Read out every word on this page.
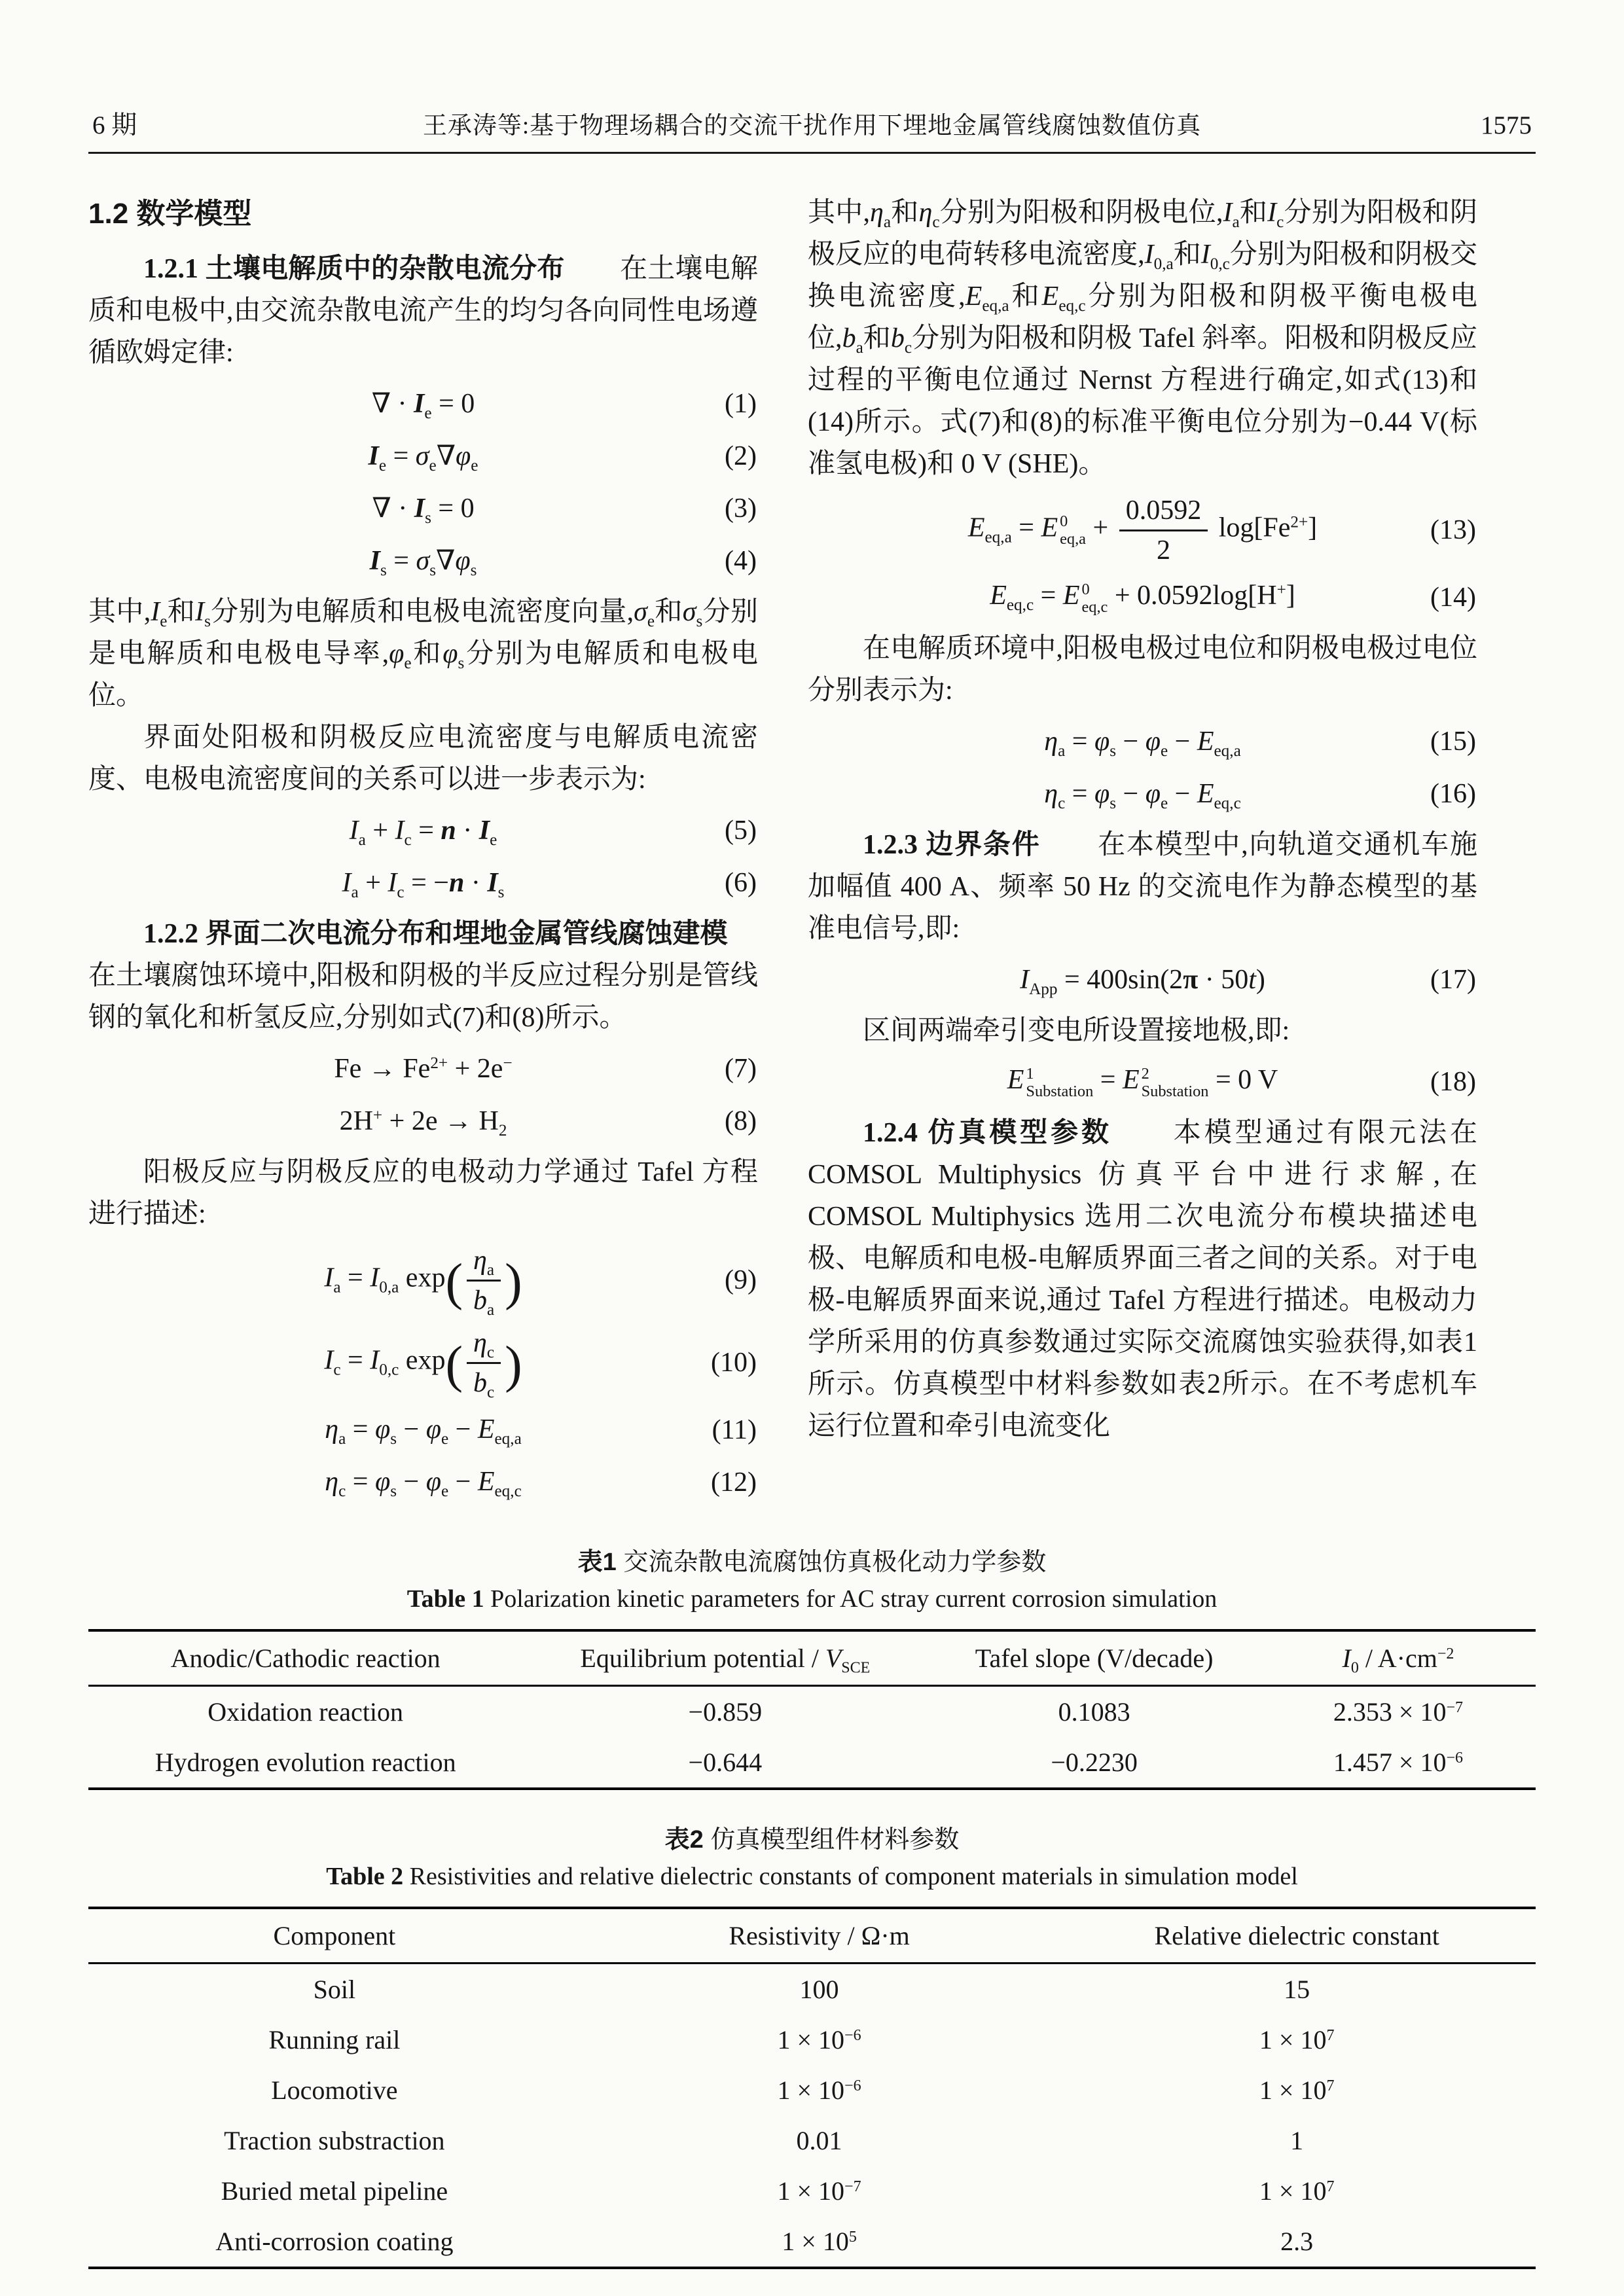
6 期	王承涛等:基于物理场耦合的交流干扰作用下埋地金属管线腐蚀数值仿真	1575
1.2 数学模型

1.2.1 土壤电解质中的杂散电流分布　　在土壤电解质和电极中,由交流杂散电流产生的均匀各向同性电场遵循欧姆定律:

∇ · $I_e = 0$	(1)
$I_e = \sigma_e\nabla\varphi_e$	(2)
∇ · $I_s = 0$	(3)
$I_s = \sigma_s\nabla\varphi_s$	(4)

其中$,I_e$和$I_s$分别为电解质和电极电流密度向量$,\sigma_e$和$\sigma_s$分别是电解质和电极电导率$,\varphi_e$和$\varphi_s$分别为电解质和电极电位。

界面处阳极和阴极反应电流密度与电解质电流密度、电极电流密度间的关系可以进一步表示为:

$I_a + I_c = n \cdot I_e$	(5)
$I_a + I_c = -n \cdot I_s$	(6)

1.2.2 界面二次电流分布和埋地金属管线腐蚀建模　　在土壤腐蚀环境中,阳极和阴极的半反应过程分别是管线钢的氧化和析氢反应,分别如式(7)和(8)所示。

$Fe \to Fe^{2+} + 2e^-$	(7)
$2H^+ + 2e \to H_2$	(8)

阳极反应与阴极反应的电极动力学通过 Tafel 方程进行描述:

$I_a = I_{0,a}$ $\exp( \frac{\eta_a}{b_a}$ )	(9)
$I_c = I_{0,c}$ $\exp( \frac{\eta_c}{b_c}$ )	(10)
$\eta_a = \varphi_s - \varphi_e - E_{eq,a}$	(11)
$\eta_c = \varphi_s - \varphi_e - E_{eq,c}$	(12)

其中$,\eta_a$和$\eta_c$分别为阳极和阴极电位$,I_a$和$I_c$分别为阳极和阴极反应的电荷转移电流密度$,I_{0,a}$和$I_{0,c}$分别为阳极和阴极交换电流密度$,E_{eq,a}$和$E_{eq,c}$分别为阳极和阴极平衡电极电位$,b_a$和$b_c$分别为阳极和阴极 Tafel 斜率。阳极和阴极反应过程的平衡电位通过 Nernst 方程进行确定,如式(13)和(14)所示。式(7)和(8)的标准平衡电位分别为−0.44 V(标准氢电极)和 0 V (SHE)。

$E_{eq,a} = E$ 0
$eq,a + \frac{0.0592}{2} \log[Fe^{2+}]$	(13)
$E_{eq,c} = E$ 0
eq,c + 0.0592log[H+]	(14)

在电解质环境中,阳极电极过电位和阴极电极过电位分别表示为:

$\eta_a = \varphi_s - \varphi_e - E_{eq,a}$	(15)
$\eta_c = \varphi_s - \varphi_e - E_{eq,c}$	(16)

1.2.3 边界条件　　在本模型中,向轨道交通机车施加幅值 400 A、频率 50 Hz 的交流电作为静态模型的基准电信号,即:

$I_{App} = 400\sin(2\pi \cdot 50t)$	(17)

区间两端牵引变电所设置接地极,即:

E 1
Substation = E 2
Substation = 0 V	(18)

1.2.4 仿真模型参数　　本模型通过有限元法在 COMSOL Multiphysics 仿真平台中进行求解,在 COMSOL Multiphysics 选用二次电流分布模块描述电极、电解质和电极-电解质界面三者之间的关系。对于电极-电解质界面来说,通过 Tafel 方程进行描述。电极动力学所采用的仿真参数通过实际交流腐蚀实验获得,如表1所示。仿真模型中材料参数如表2所示。在不考虑机车运行位置和牵引电流变化

表1 交流杂散电流腐蚀仿真极化动力学参数
Table 1 Polarization kinetic parameters for AC stray current corrosion simulation
Anodic/Cathodic reaction	Equilibrium potential / $V_{SCE}$	Tafel slope (V/decade)	$I_0 / A\cdot cm^{-2}$
Oxidation reaction	−0.859	0.1083	$2.353 \times 10^{-7}$
Hydrogen evolution reaction	−0.644	−0.2230	$1.457 \times 10^{-6}$
表2 仿真模型组件材料参数
Table 2 Resistivities and relative dielectric constants of component materials in simulation model
Component	Resistivity / Ω·m	Relative dielectric constant
Soil	100	15
Running rail	$1 \times 10^{-6}$	$1 \times 10^7$
Locomotive	$1 \times 10^{-6}$	$1 \times 10^7$
Traction substraction	0.01	1
Buried metal pipeline	$1 \times 10^{-7}$	$1 \times 10^7$
Anti-corrosion coating	$1 \times 10^5$	2.3
